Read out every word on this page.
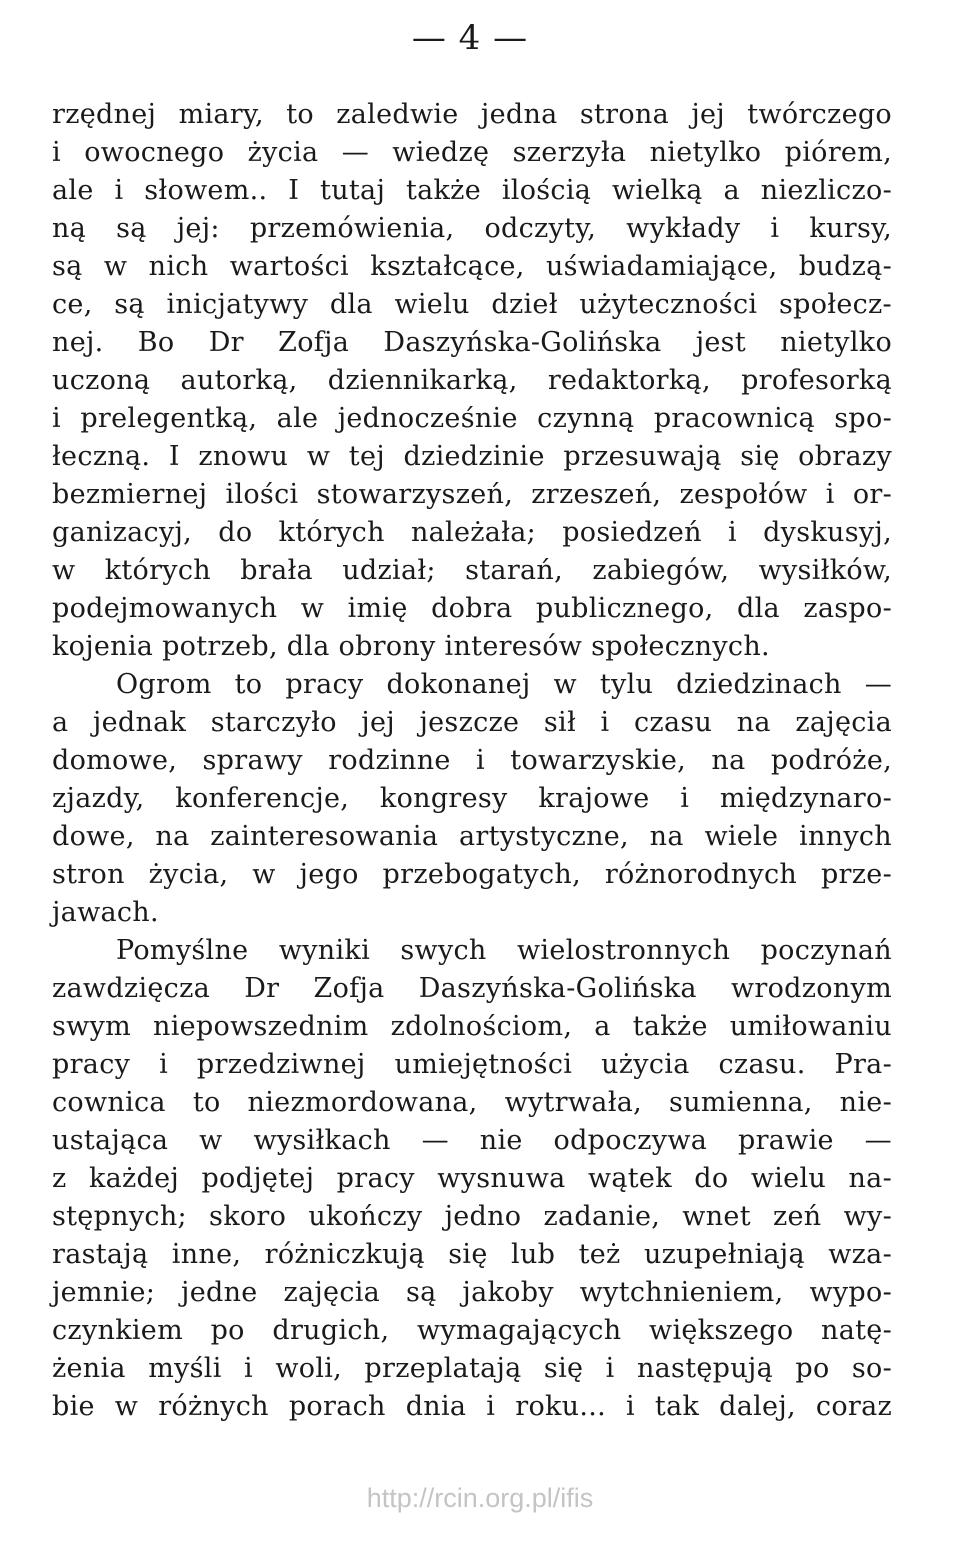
— 4 —
rzędnej miary, to zaledwie jedna strona jej twórczego
i owocnego życia — wiedzę szerzyła nietylko piórem,
ale i słowem.. I tutaj także ilością wielką a niezliczo-
ną są jej: przemówienia, odczyty, wykłady i kursy,
są w nich wartości kształcące, uświadamiające, budzą-
ce, są inicjatywy dla wielu dzieł użyteczności społecz-
nej. Bo Dr Zofja Daszyńska-Golińska jest nietylko
uczoną autorką, dziennikarką, redaktorką, profesorką
i prelegentką, ale jednocześnie czynną pracownicą spo-
łeczną. I znowu w tej dziedzinie przesuwają się obrazy
bezmiernej ilości stowarzyszeń, zrzeszeń, zespołów i or-
ganizacyj, do których należała; posiedzeń i dyskusyj,
w których brała udział; starań, zabiegów, wysiłków,
podejmowanych w imię dobra publicznego, dla zaspo-
kojenia potrzeb, dla obrony interesów społecznych.
Ogrom to pracy dokonanej w tylu dziedzinach —
a jednak starczyło jej jeszcze sił i czasu na zajęcia
domowe, sprawy rodzinne i towarzyskie, na podróże,
zjazdy, konferencje, kongresy krajowe i międzynaro-
dowe, na zainteresowania artystyczne, na wiele innych
stron życia, w jego przebogatych, różnorodnych prze-
jawach.
Pomyślne wyniki swych wielostronnych poczynań
zawdzięcza Dr Zofja Daszyńska-Golińska wrodzonym
swym niepowszednim zdolnościom, a także umiłowaniu
pracy i przedziwnej umiejętności użycia czasu. Pra-
cownica to niezmordowana, wytrwała, sumienna, nie-
ustająca w wysiłkach — nie odpoczywa prawie —
z każdej podjętej pracy wysnuwa wątek do wielu na-
stępnych; skoro ukończy jedno zadanie, wnet zeń wy-
rastają inne, różniczkują się lub też uzupełniają wza-
jemnie; jedne zajęcia są jakoby wytchnieniem, wypo-
czynkiem po drugich, wymagających większego natę-
żenia myśli i woli, przeplatają się i następują po so-
bie w różnych porach dnia i roku... i tak dalej, coraz
http://rcin.org.pl/ifis
